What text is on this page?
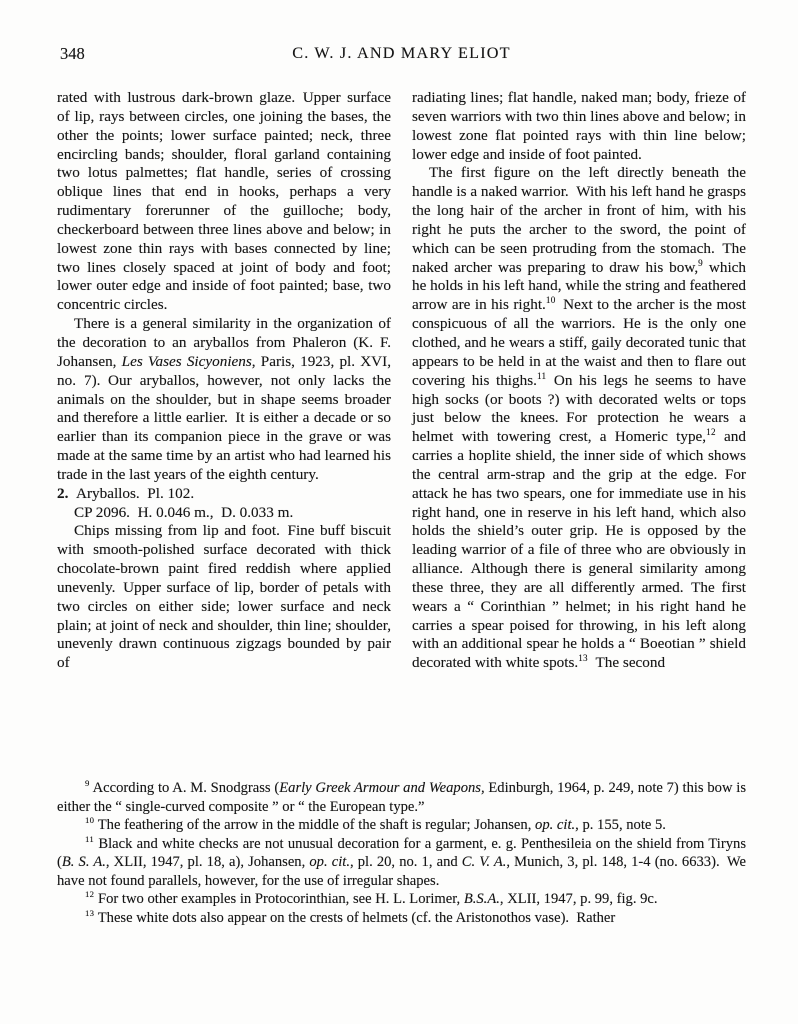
348	C. W. J. AND MARY ELIOT

rated with lustrous dark-brown glaze. Upper surface of lip, rays between circles, one joining the bases, the other the points; lower surface painted; neck, three encircling bands; shoulder, floral garland containing two lotus palmettes; flat handle, series of crossing oblique lines that end in hooks, perhaps a very rudimentary forerunner of the guilloche; body, checkerboard between three lines above and below; in lowest zone thin rays with bases connected by line; two lines closely spaced at joint of body and foot; lower outer edge and inside of foot painted; base, two concentric circles.

There is a general similarity in the organization of the decoration to an aryballos from Phaleron (K. F. Johansen, Les Vases Sicyoniens, Paris, 1923, pl. XVI, no. 7). Our aryballos, however, not only lacks the animals on the shoulder, but in shape seems broader and therefore a little earlier. It is either a decade or so earlier than its companion piece in the grave or was made at the same time by an artist who had learned his trade in the last years of the eighth century.

2. Aryballos. Pl. 102.

CP 2096. H. 0.046 m., D. 0.033 m.

Chips missing from lip and foot. Fine buff biscuit with smooth-polished surface decorated with thick chocolate-brown paint fired reddish where applied unevenly. Upper surface of lip, border of petals with two circles on either side; lower surface and neck plain; at joint of neck and shoulder, thin line; shoulder, unevenly drawn continuous zigzags bounded by pair of

radiating lines; flat handle, naked man; body, frieze of seven warriors with two thin lines above and below; in lowest zone flat pointed rays with thin line below; lower edge and inside of foot painted.

The first figure on the left directly beneath the handle is a naked warrior. With his left hand he grasps the long hair of the archer in front of him, with his right he puts the archer to the sword, the point of which can be seen protruding from the stomach. The naked archer was preparing to draw his bow,$^9$ which he holds in his left hand, while the string and feathered arrow are in his right.$^{10}$ Next to the archer is the most conspicuous of all the warriors. He is the only one clothed, and he wears a stiff, gaily decorated tunic that appears to be held in at the waist and then to flare out covering his thighs.$^{11}$ On his legs he seems to have high socks (or boots ?) with decorated welts or tops just below the knees. For protection he wears a helmet with towering crest, a Homeric type,$^{12}$ and carries a hoplite shield, the inner side of which shows the central arm-strap and the grip at the edge. For attack he has two spears, one for immediate use in his right hand, one in reserve in his left hand, which also holds the shield’s outer grip. He is opposed by the leading warrior of a file of three who are obviously in alliance. Although there is general similarity among these three, they are all differently armed. The first wears a “ Corinthian ” helmet; in his right hand he carries a spear poised for throwing, in his left along with an additional spear he holds a “ Boeotian ” shield decorated with white spots.$^{13}$ The second

$^9$ According to A. M. Snodgrass (Early Greek Armour and Weapons, Edinburgh, 1964, p. 249, note 7) this bow is either the “ single-curved composite ” or “ the European type.”

$^{10}$ The feathering of the arrow in the middle of the shaft is regular; Johansen, op. cit., p. 155, note 5.

$^{11}$ Black and white checks are not unusual decoration for a garment, e. g. Penthesileia on the shield from Tiryns (B. S. A., XLII, 1947, pl. 18, a), Johansen, op. cit., pl. 20, no. 1, and C. V. A., Munich, 3, pl. 148, 1-4 (no. 6633). We have not found parallels, however, for the use of irregular shapes.

$^{12}$ For two other examples in Protocorinthian, see H. L. Lorimer, B.S.A., XLII, 1947, p. 99, fig. 9c.

$^{13}$ These white dots also appear on the crests of helmets (cf. the Aristonothos vase). Rather
